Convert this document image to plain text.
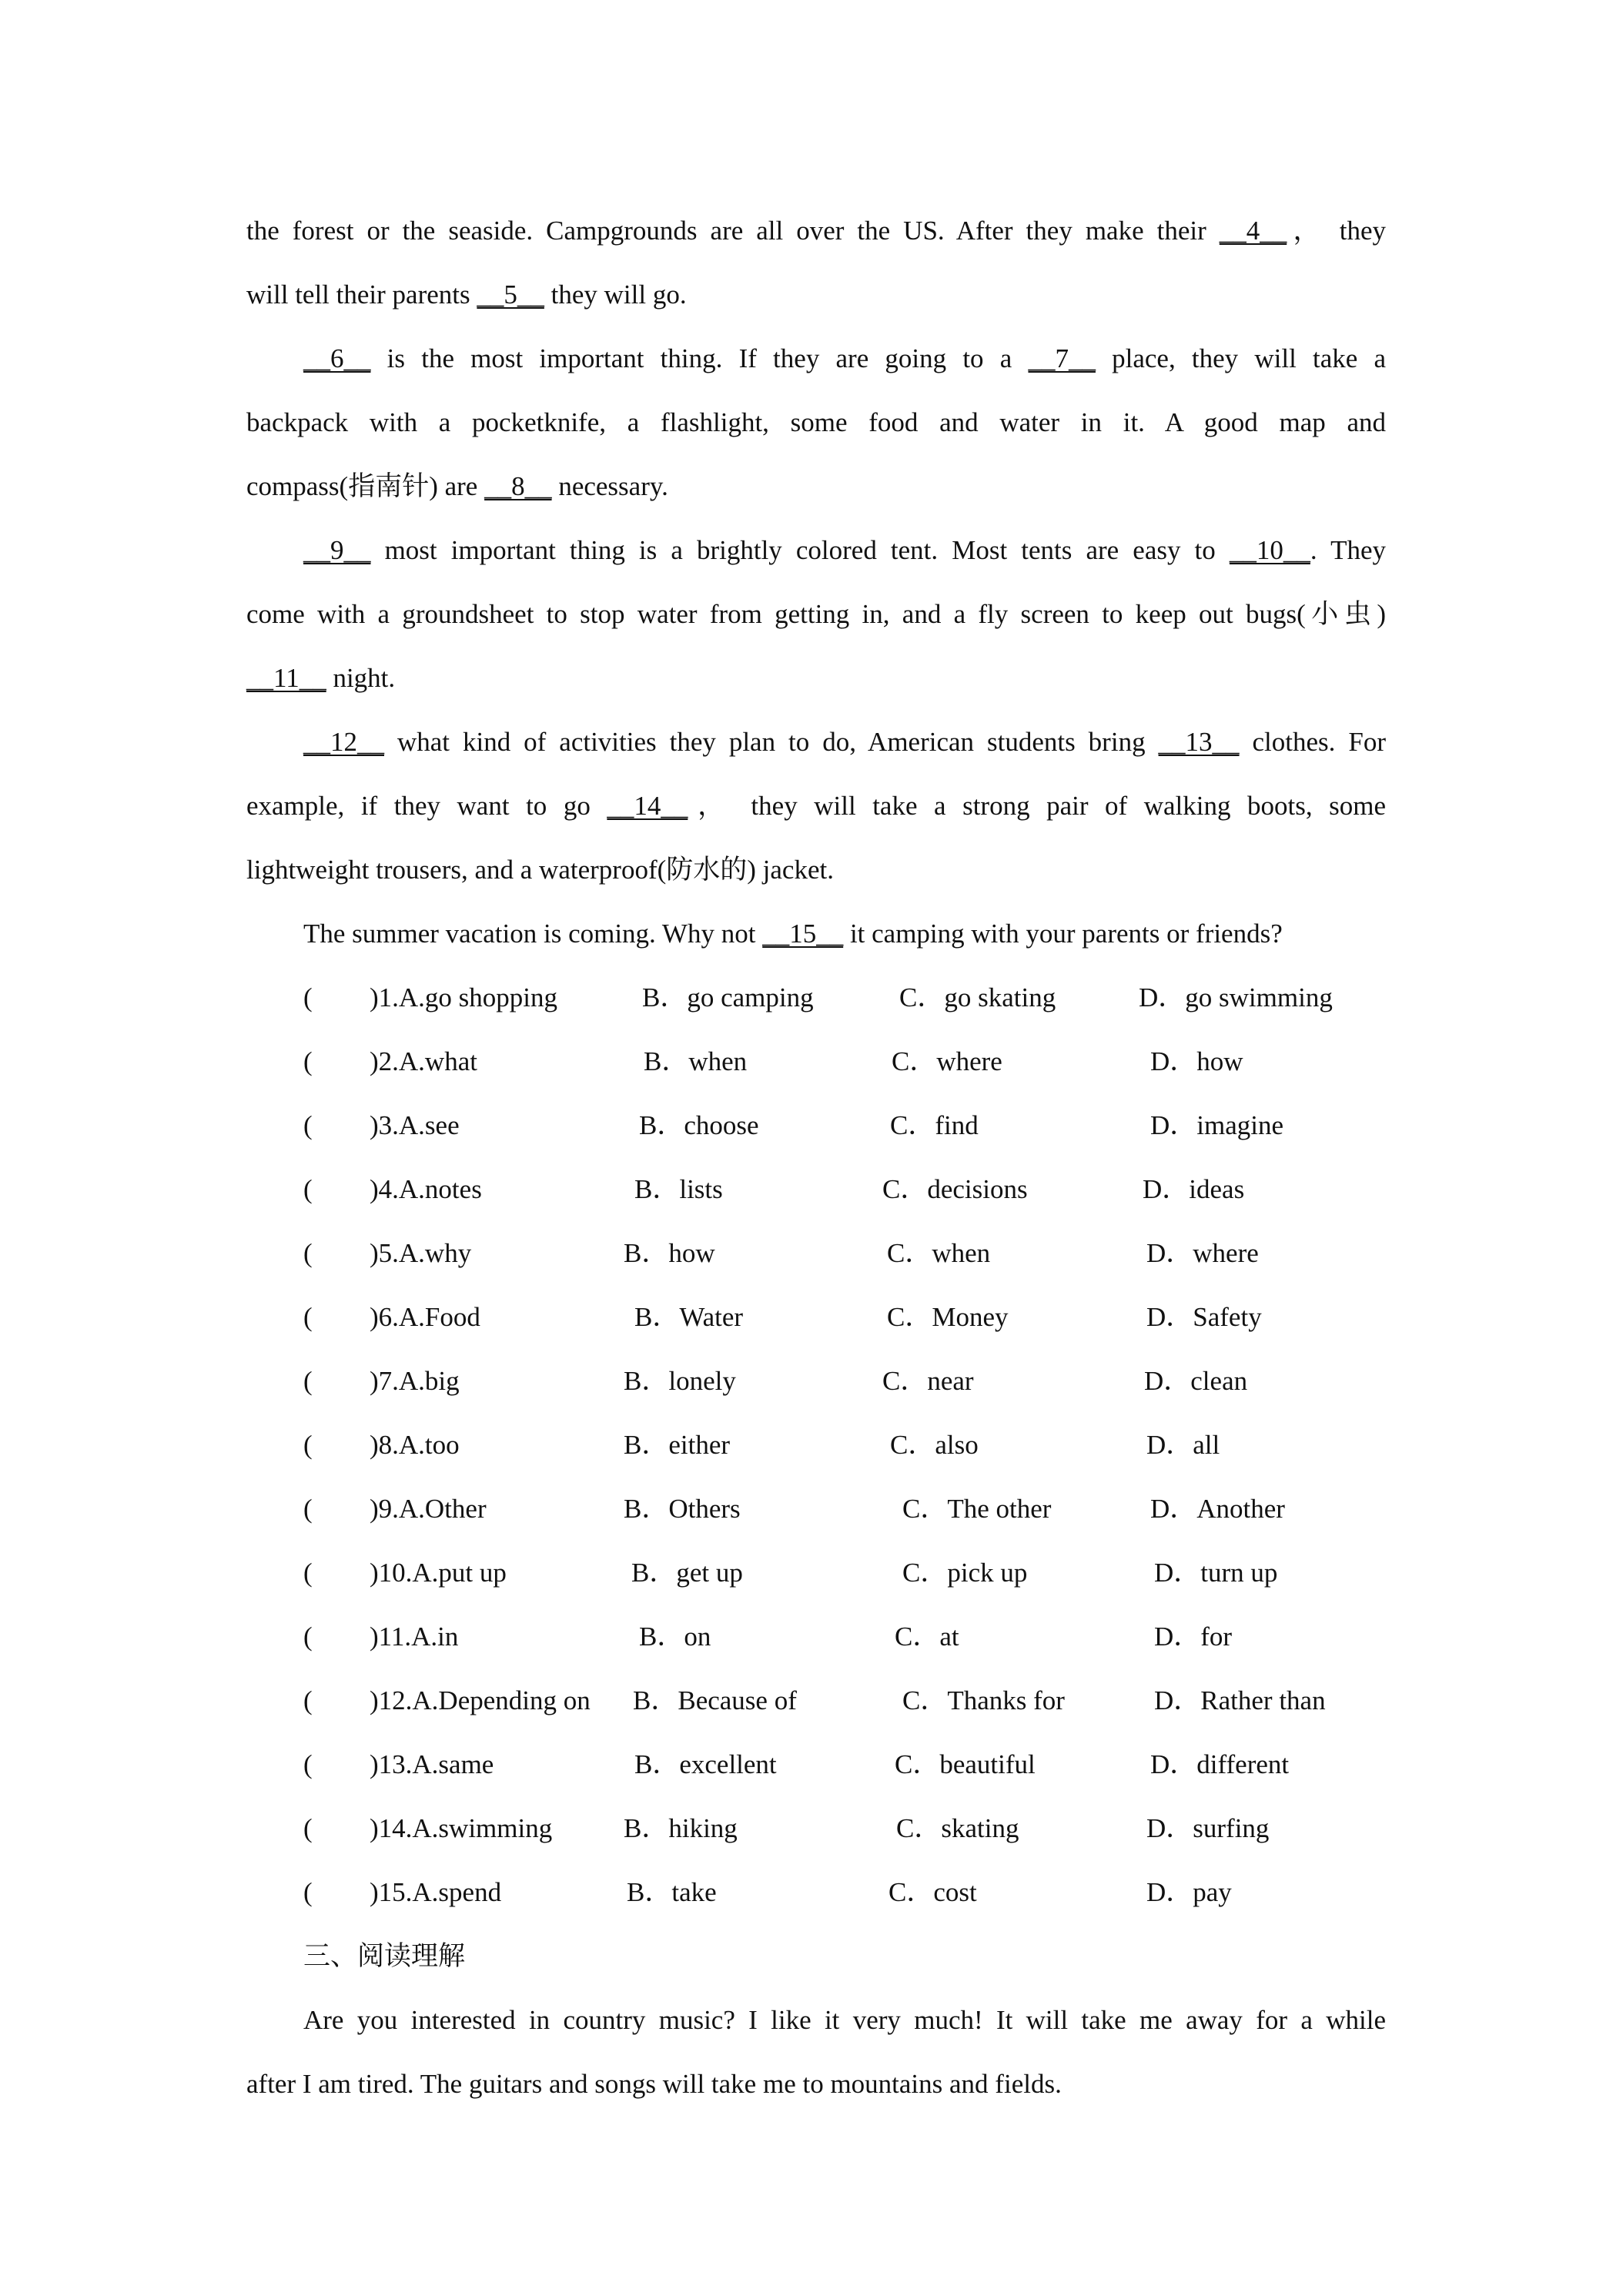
the forest or the seaside. Campgrounds are all over the US. After they make their __4__， they
will tell their parents __5__ they will go.
__6__ is the most important thing. If they are going to a __7__ place, they will take a
backpack with a pocketknife, a flashlight, some food and water in it. A good map and
compass(指南针) are __8__ necessary.
__9__ most important thing is a brightly colored tent. Most tents are easy to __10__. They
come with a groundsheet to stop water from getting in, and a fly screen to keep out bugs(小虫)
__11__ night.
__12__ what kind of activities they plan to do, American students bring __13__ clothes. For
example, if they want to go __14__， they will take a strong pair of walking boots, some
lightweight trousers, and a waterproof(防水的) jacket.
The summer vacation is coming. Why not __15__ it camping with your parents or friends?
( )1.A.go shopping	B．go camping	C．go skating	D．go swimming
( )2.A.what	B．when	C．where	D．how
( )3.A.see	B．choose	C．find	D．imagine
( )4.A.notes	B．lists	C．decisions	D．ideas
( )5.A.why	B．how	C．when	D．where
( )6.A.Food	B．Water	C．Money	D．Safety
( )7.A.big	B．lonely	C．near	D．clean
( )8.A.too	B．either	C．also	D．all
( )9.A.Other	B．Others	C．The other	D．Another
( )10.A.put up	B．get up	C．pick up	D．turn up
( )11.A.in	B．on	C．at	D．for
( )12.A.Depending on B．Because of	C．Thanks for	D．Rather than
( )13.A.same	B．excellent	C．beautiful	D．different
( )14.A.swimming	B．hiking	C．skating	D．surfing
( )15.A.spend	B．take	C．cost	D．pay
三、阅读理解
Are you interested in country music? I like it very much! It will take me away for a while
after I am tired. The guitars and songs will take me to mountains and fields.
